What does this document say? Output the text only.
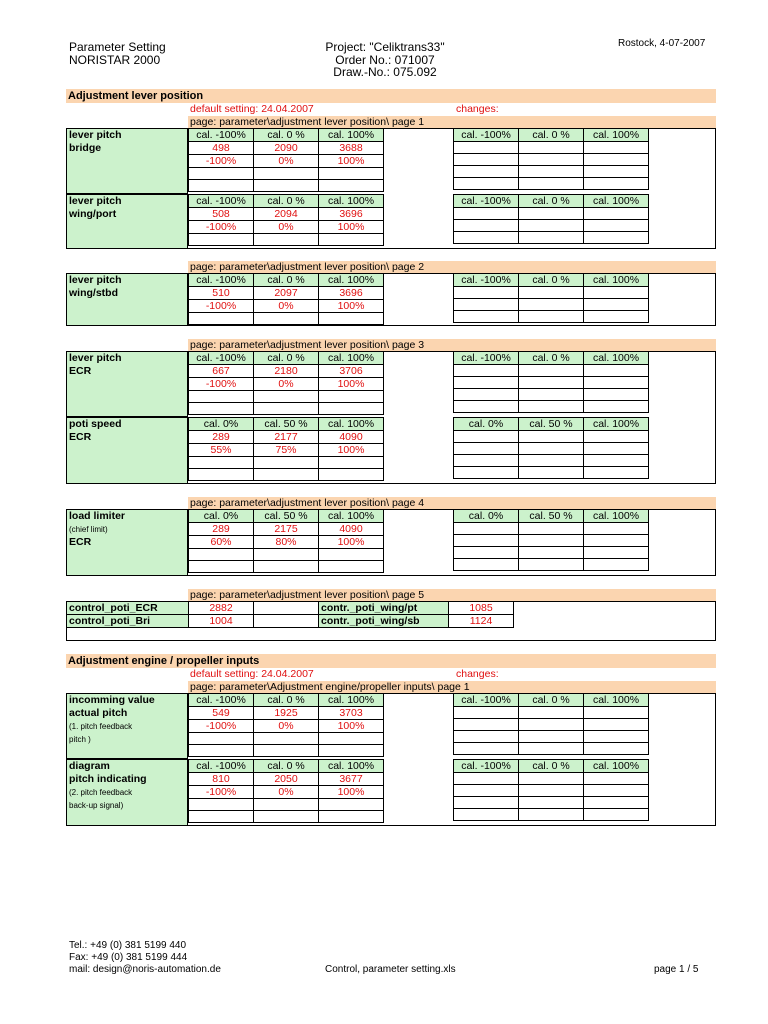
Parameter Setting
NORISTAR 2000
Project: "Celiktrans33"
Order No.: 071007
Draw.-No.: 075.092
Rostock, 4-07-2007
Adjustment lever position
default setting: 24.04.2007	changes:
page: parameter\adjustment lever position\ page 1
lever pitch
bridge
cal. -100%	cal. 0 %	cal. 100%
498	2090	3688
-100%	0%	100%

cal. -100%	cal. 0 %	cal. 100%

lever pitch
wing/port
cal. -100%	cal. 0 %	cal. 100%
508	2094	3696
-100%	0%	100%

cal. -100%	cal. 0 %	cal. 100%

page: parameter\adjustment lever position\ page 2
lever pitch
wing/stbd
cal. -100%	cal. 0 %	cal. 100%
510	2097	3696
-100%	0%	100%

cal. -100%	cal. 0 %	cal. 100%

page: parameter\adjustment lever position\ page 3
lever pitch
ECR
cal. -100%	cal. 0 %	cal. 100%
667	2180	3706
-100%	0%	100%

cal. -100%	cal. 0 %	cal. 100%

poti speed
ECR
cal. 0%	cal. 50 %	cal. 100%
289	2177	4090
55%	75%	100%

cal. 0%	cal. 50 %	cal. 100%

page: parameter\adjustment lever position\ page 4
load limiter
(chief limit)
ECR
cal. 0%	cal. 50 %	cal. 100%
289	2175	4090
60%	80%	100%

cal. 0%	cal. 50 %	cal. 100%

page: parameter\adjustment lever position\ page 5
control_poti_ECR	2882		contr._poti_wing/pt	1085
control_poti_Bri	1004		contr._poti_wing/sb	1124
Adjustment engine / propeller inputs
default setting: 24.04.2007	changes:
page: parameter\Adjustment engine/propeller inputs\ page 1
incomming value
actual pitch
(1. pitch feedback
pitch )
cal. -100%	cal. 0 %	cal. 100%
549	1925	3703
-100%	0%	100%

cal. -100%	cal. 0 %	cal. 100%

diagram
pitch indicating
(2. pitch feedback
back-up signal)
cal. -100%	cal. 0 %	cal. 100%
810	2050	3677
-100%	0%	100%

cal. -100%	cal. 0 %	cal. 100%

Tel.: +49 (0) 381 5199 440
Fax: +49 (0) 381 5199 444
mail: design@noris-automation.de	Control, parameter setting.xls	page 1 / 5
